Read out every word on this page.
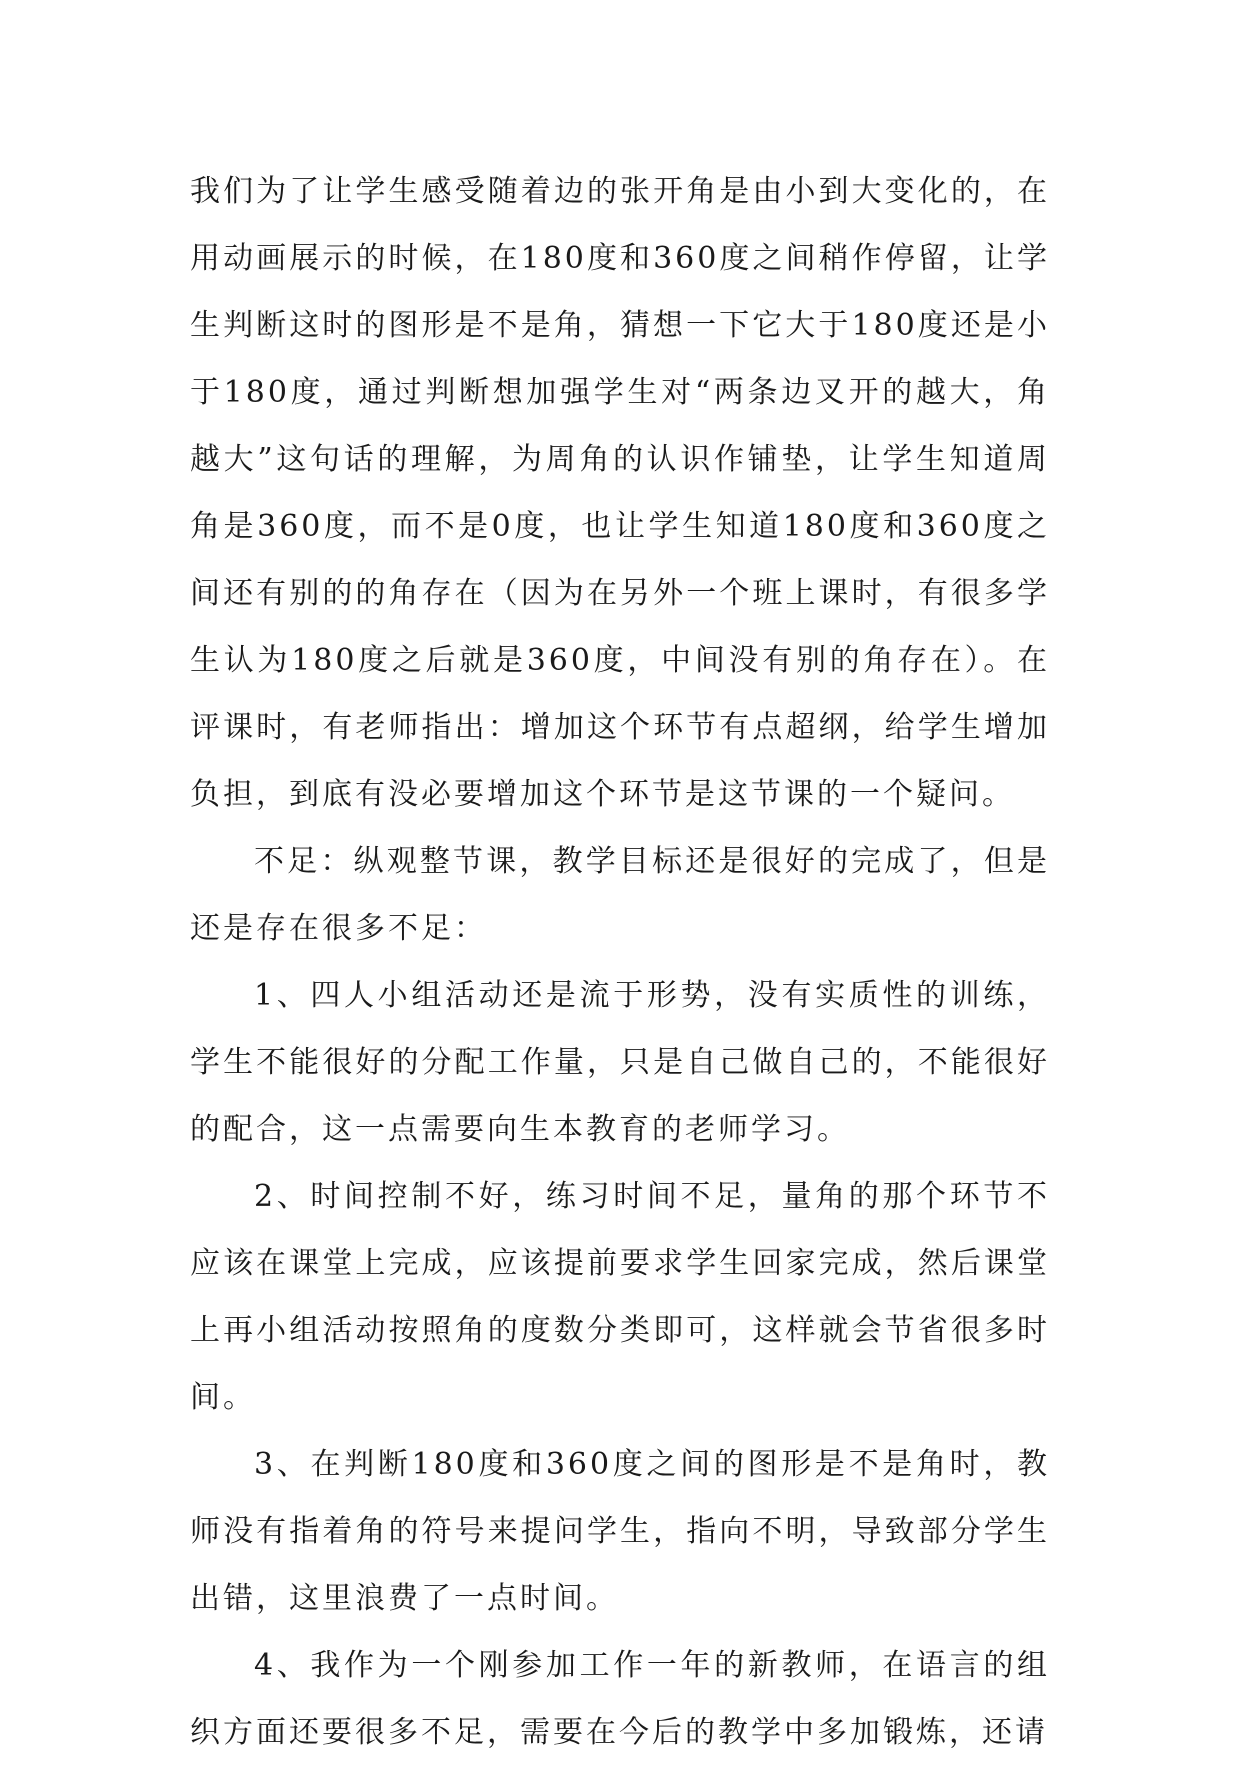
我们为了让学生感受随着边的张开角是由小到大变化的，在用动画展示的时候，在180度和360度之间稍作停留，让学生判断这时的图形是不是角，猜想一下它大于180度还是小于180度，通过判断想加强学生对“两条边叉开的越大，角越大”这句话的理解，为周角的认识作铺垫，让学生知道周角是360度，而不是0度，也让学生知道180度和360度之间还有别的的角存在（因为在另外一个班上课时，有很多学生认为180度之后就是360度，中间没有别的角存在）。在评课时，有老师指出：增加这个环节有点超纲，给学生增加负担，到底有没必要增加这个环节是这节课的一个疑问。

不足：纵观整节课，教学目标还是很好的完成了，但是还是存在很多不足：

1、四人小组活动还是流于形势，没有实质性的训练，学生不能很好的分配工作量，只是自己做自己的，不能很好的配合，这一点需要向生本教育的老师学习。

2、时间控制不好，练习时间不足，量角的那个环节不应该在课堂上完成，应该提前要求学生回家完成，然后课堂上再小组活动按照角的度数分类即可，这样就会节省很多时间。

3、在判断180度和360度之间的图形是不是角时，教师没有指着角的符号来提问学生，指向不明，导致部分学生出错，这里浪费了一点时间。

4、我作为一个刚参加工作一年的新教师，在语言的组织方面还要很多不足，需要在今后的教学中多加锻炼，还请
